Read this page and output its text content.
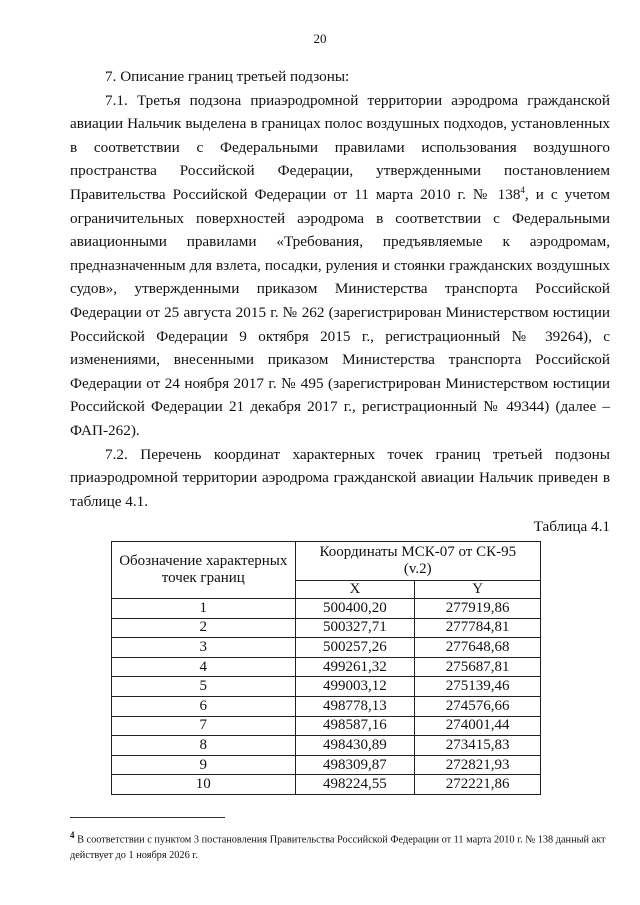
20

7. Описание границ третьей подзоны:

7.1. Третья подзона приаэродромной территории аэродрома гражданской авиации Нальчик выделена в границах полос воздушных подходов, установленных в соответствии с Федеральными правилами использования воздушного пространства Российской Федерации, утвержденными постановлением Правительства Российской Федерации от 11 марта 2010 г. № $138^4$, и с учетом ограничительных поверхностей аэродрома в соответствии с Федеральными авиационными правилами «Требования, предъявляемые к аэродромам, предназначенным для взлета, посадки, руления и стоянки гражданских воздушных судов», утвержденными приказом Министерства транспорта Российской Федерации от 25 августа 2015 г. № 262 (зарегистрирован Министерством юстиции Российской Федерации 9 октября 2015 г., регистрационный № 39264), с изменениями, внесенными приказом Министерства транспорта Российской Федерации от 24 ноября 2017 г. № 495 (зарегистрирован Министерством юстиции Российской Федерации 21 декабря 2017 г., регистрационный № 49344) (далее – ФАП-262).

7.2. Перечень координат характерных точек границ третьей подзоны приаэродромной территории аэродрома гражданской авиации Нальчик приведен в таблице 4.1.

Таблица 4.1
Обозначение характерных точек границ	Координаты МСК-07 от СК-95 (v.2)	
	X	Y
1	500400,20	277919,86
2	500327,71	277784,81
3	500257,26	277648,68
4	499261,32	275687,81
5	499003,12	275139,46
6	498778,13	274576,66
7	498587,16	274001,44
8	498430,89	273415,83
9	498309,87	272821,93
10	498224,55	272221,86
$^4$ В соответствии с пунктом 3 постановления Правительства Российской Федерации от 11 марта 2010 г. № 138 данный акт действует до 1 ноября 2026 г.
